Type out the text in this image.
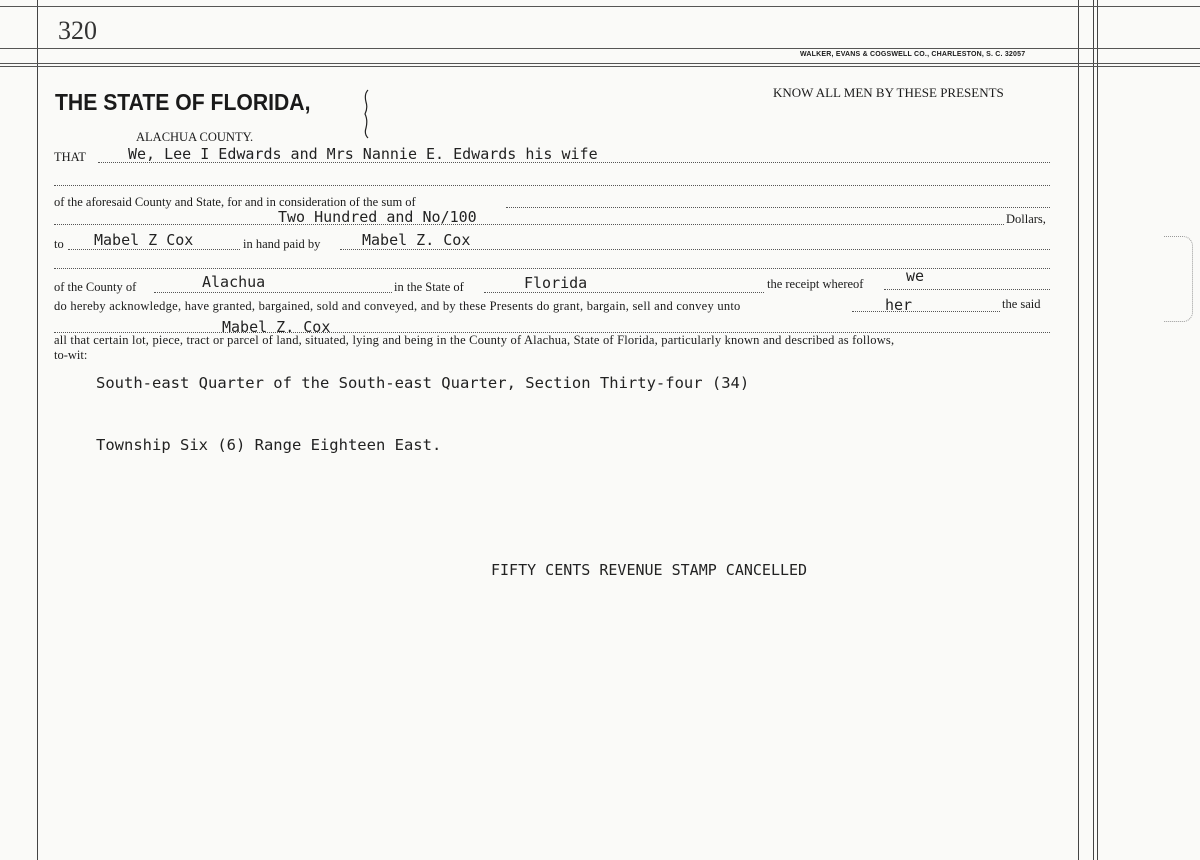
320
WALKER, EVANS & COGSWELL CO., CHARLESTON, S. C. 32057
THE STATE OF FLORIDA,
ALACHUA COUNTY.
KNOW ALL MEN BY THESE PRESENTS
THAT	We, Lee I Edwards and Mrs Nannie E. Edwards his wife
of the aforesaid County and State, for and in consideration of the sum of
Two Hundred and No/100	Dollars,
to Mabel Z Cox	in hand paid by	Mabel Z. Cox
of the County of	Alachua	in the State of	Florida	the receipt whereof	we
do hereby acknowledge, have granted, bargained, sold and conveyed, and by these Presents do grant, bargain, sell and convey unto	her	the said
Mabel Z. Cox
all that certain lot, piece, tract or parcel of land, situated, lying and being in the County of Alachua, State of Florida, particularly known and described as follows,
to-wit:
South-east Quarter of the South-east Quarter, Section Thirty-four (34)
Township Six (6) Range Eighteen East.
FIFTY CENTS REVENUE STAMP CANCELLED
